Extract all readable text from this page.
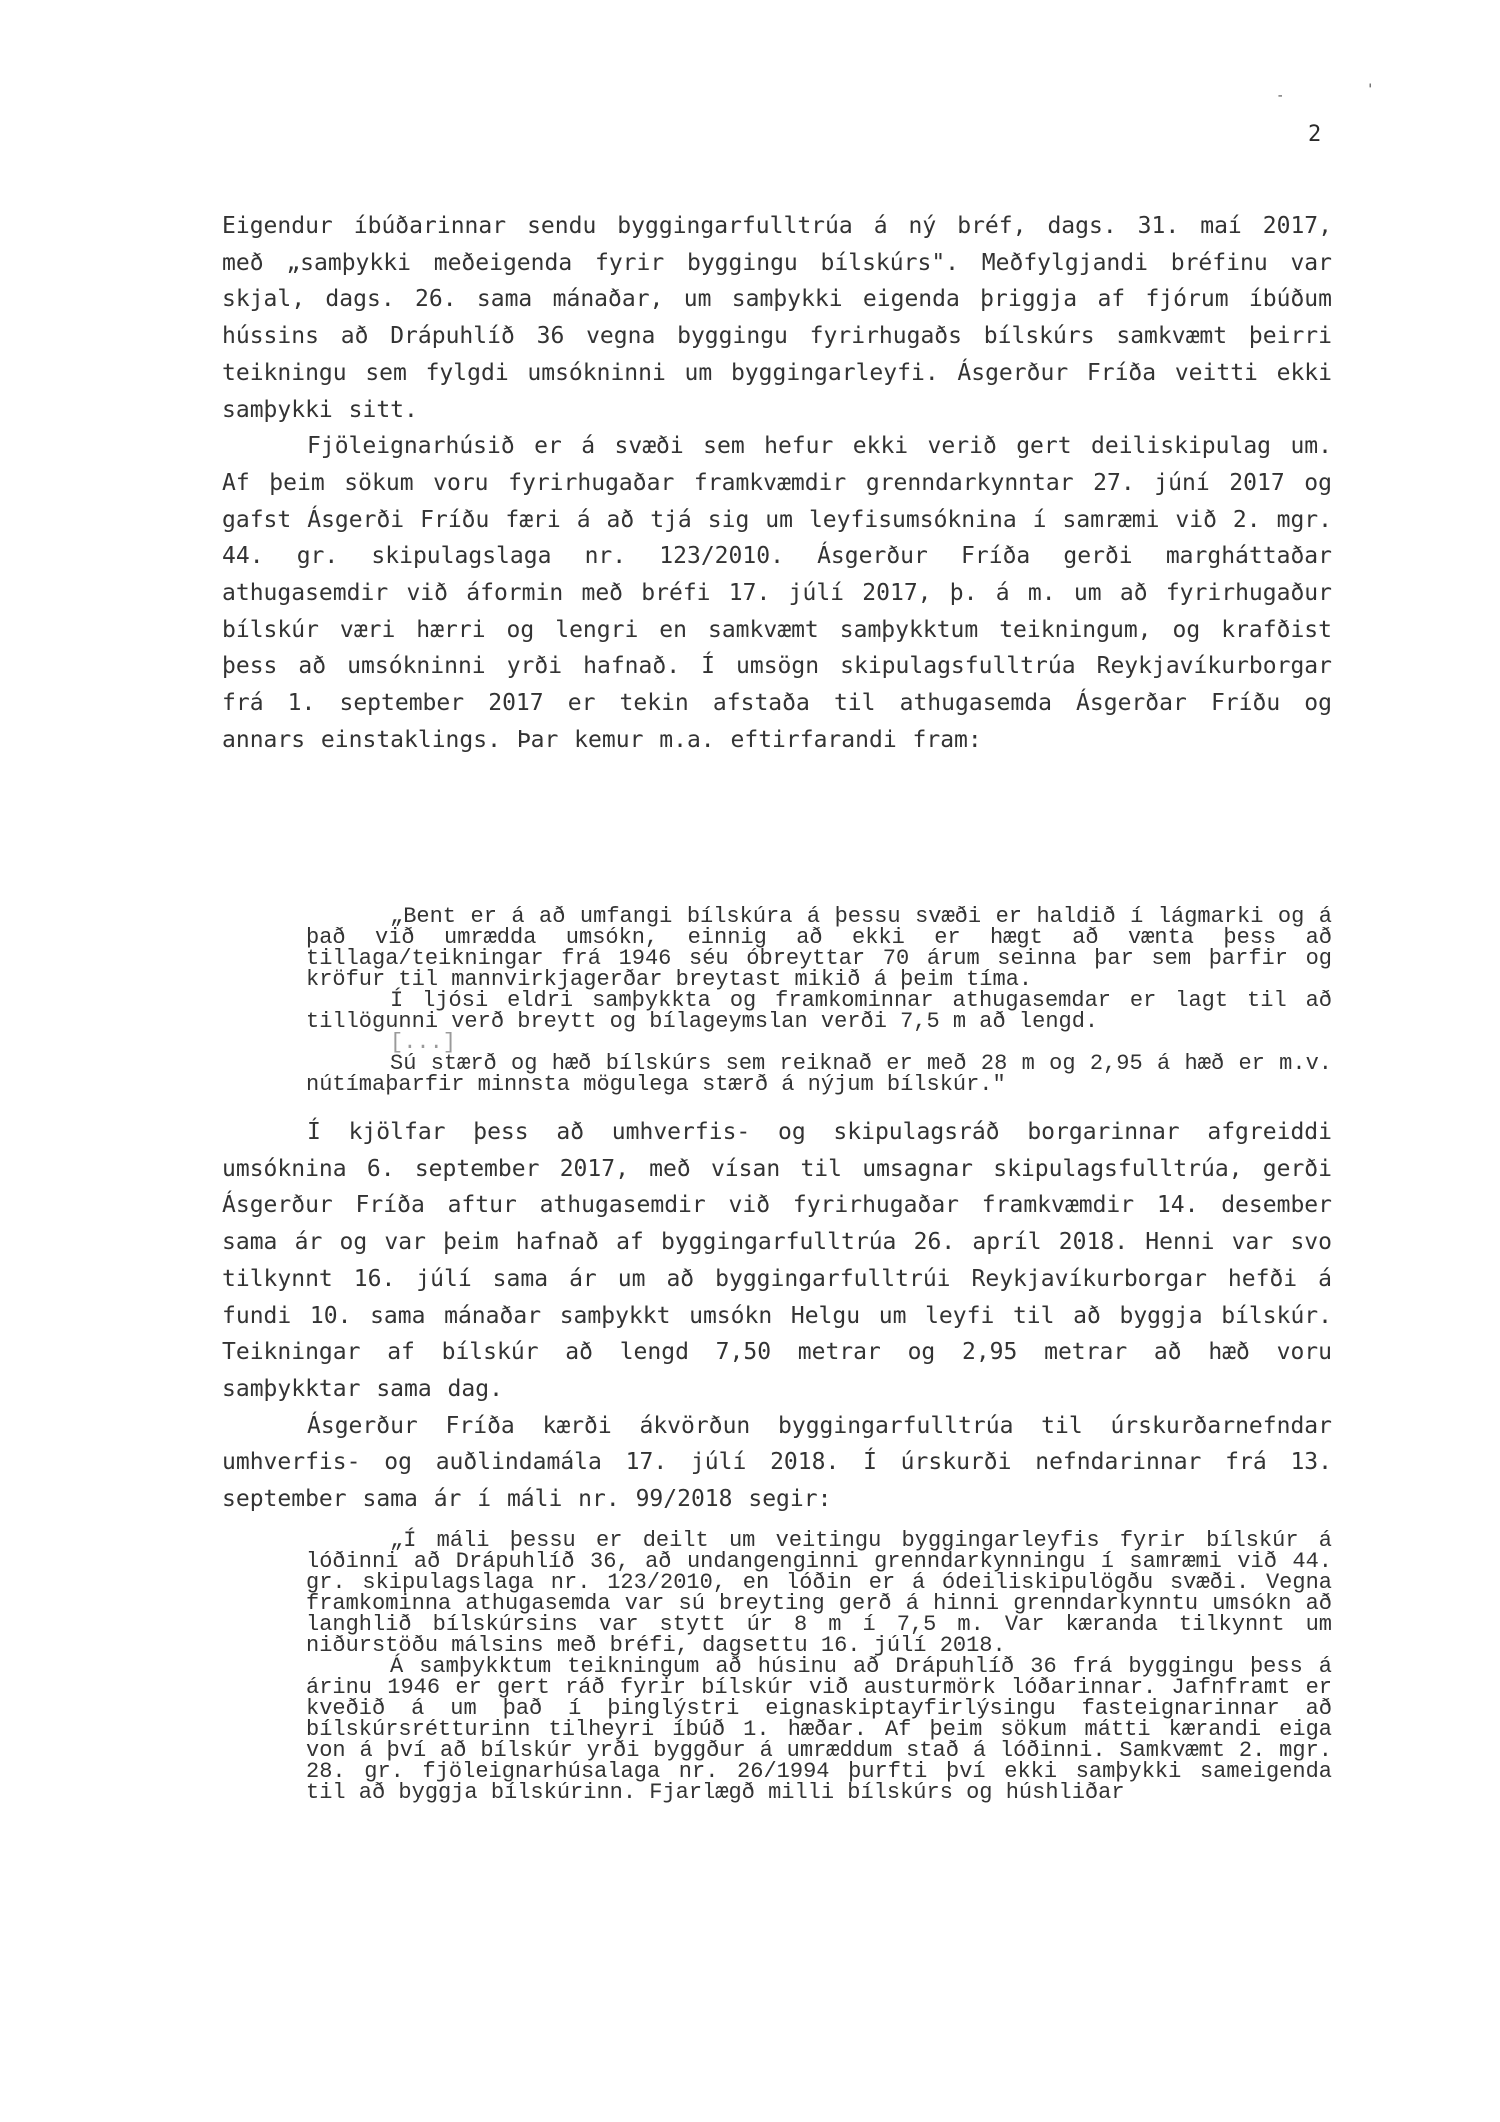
-	'
2

Eigendur íbúðarinnar sendu byggingarfulltrúa á ný bréf, dags. 31. maí 2017, með „samþykki meðeigenda fyrir byggingu bílskúrs". Meðfylgjandi bréfinu var skjal, dags. 26. sama mánaðar, um samþykki eigenda þriggja af fjórum íbúðum hússins að Drápuhlíð 36 vegna byggingu fyrirhugaðs bílskúrs samkvæmt þeirri teikningu sem fylgdi umsókninni um byggingarleyfi. Ásgerður Fríða veitti ekki samþykki sitt.

Fjöleignarhúsið er á svæði sem hefur ekki verið gert deiliskipulag um. Af þeim sökum voru fyrirhugaðar framkvæmdir grenndarkynntar 27. júní 2017 og gafst Ásgerði Fríðu færi á að tjá sig um leyfisumsóknina í samræmi við 2. mgr. 44. gr. skipulagslaga nr. 123/2010. Ásgerður Fríða gerði margháttaðar athugasemdir við áformin með bréfi 17. júlí 2017, þ. á m. um að fyrirhugaður bílskúr væri hærri og lengri en samkvæmt samþykktum teikningum, og krafðist þess að umsókninni yrði hafnað. Í umsögn skipulagsfulltrúa Reykjavíkurborgar frá 1. september 2017 er tekin afstaða til athugasemda Ásgerðar Fríðu og annars einstaklings. Þar kemur m.a. eftirfarandi fram:

„Bent er á að umfangi bílskúra á þessu svæði er haldið í lágmarki og á það við umrædda umsókn, einnig að ekki er hægt að vænta þess að tillaga/teikningar frá 1946 séu óbreyttar 70 árum seinna þar sem þarfir og kröfur til mannvirkjagerðar breytast mikið á þeim tíma.

Í ljósi eldri samþykkta og framkominnar athugasemdar er lagt til að tillögunni verð breytt og bílageymslan verði 7,5 m að lengd.

[...]

Sú stærð og hæð bílskúrs sem reiknað er með 28 m og 2,95 á hæð er m.v. nútímaþarfir minnsta mögulega stærð á nýjum bílskúr."

Í kjölfar þess að umhverfis- og skipulagsráð borgarinnar afgreiddi umsóknina 6. september 2017, með vísan til umsagnar skipulagsfulltrúa, gerði Ásgerður Fríða aftur athugasemdir við fyrirhugaðar framkvæmdir 14. desember sama ár og var þeim hafnað af byggingarfulltrúa 26. apríl 2018. Henni var svo tilkynnt 16. júlí sama ár um að byggingarfulltrúi Reykjavíkurborgar hefði á fundi 10. sama mánaðar samþykkt umsókn Helgu um leyfi til að byggja bílskúr. Teikningar af bílskúr að lengd 7,50 metrar og 2,95 metrar að hæð voru samþykktar sama dag.

Ásgerður Fríða kærði ákvörðun byggingarfulltrúa til úrskurðarnefndar umhverfis- og auðlindamála 17. júlí 2018. Í úrskurði nefndarinnar frá 13. september sama ár í máli nr. 99/2018 segir:

„Í máli þessu er deilt um veitingu byggingarleyfis fyrir bílskúr á lóðinni að Drápuhlíð 36, að undangenginni grenndarkynningu í samræmi við 44. gr. skipulagslaga nr. 123/2010, en lóðin er á ódeiliskipulögðu svæði. Vegna framkominna athugasemda var sú breyting gerð á hinni grenndarkynntu umsókn að langhlið bílskúrsins var stytt úr 8 m í 7,5 m. Var kæranda tilkynnt um niðurstöðu málsins með bréfi, dagsettu 16. júlí 2018.

Á samþykktum teikningum að húsinu að Drápuhlíð 36 frá byggingu þess á árinu 1946 er gert ráð fyrir bílskúr við austurmörk lóðarinnar. Jafnframt er kveðið á um það í þinglýstri eignaskiptayfirlýsingu fasteignarinnar að bílskúrsrétturinn tilheyri íbúð 1. hæðar. Af þeim sökum mátti kærandi eiga von á því að bílskúr yrði byggður á umræddum stað á lóðinni. Samkvæmt 2. mgr. 28. gr. fjöleignarhúsalaga nr. 26/1994 þurfti því ekki samþykki sameigenda til að byggja bílskúrinn. Fjarlægð milli bílskúrs og húshliðar
